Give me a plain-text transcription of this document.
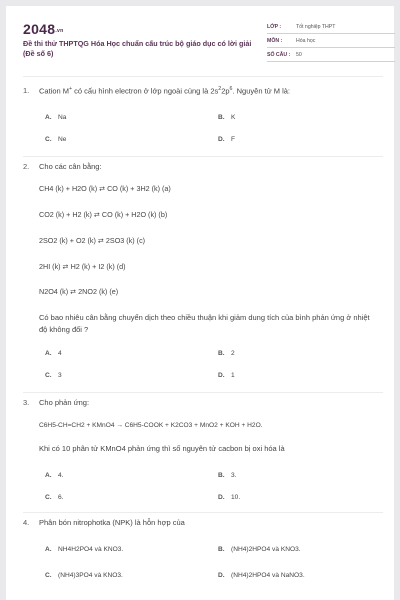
$2048_{.vn}$
Đề thi thử THPTQG Hóa Học chuẩn cấu trúc bộ giáo dục có lời giải (Đề số 6)
LỚP :	Tốt nghiệp THPT
MÔN :	Hóa học
SỐ CÂU : 50
1. Cation M+ có cấu hình electron ở lớp ngoài cùng là $2s^22p^6$. Nguyên tử M là:
A. Na	B. K
C. Ne	D. F
2. Cho các cân bằng:
CH4 (k) + H2O (k) ⇄ CO (k) + 3H2 (k) (a)
CO2 (k) + H2 (k) ⇄ CO (k) + H2O (k) (b)
2SO2 (k) + O2 (k) ⇄ 2SO3 (k) (c)
2HI (k) ⇄ H2 (k) + I2 (k) (d)
N2O4 (k) ⇄ 2NO2 (k) (e)
Có bao nhiêu cân bằng chuyển dịch theo chiều thuận khi giảm dung tích của bình phản ứng ở nhiệt độ không đổi ?
A. 4	B. 2
C. 3	D. 1
3. Cho phản ứng:
C6H5-CH=CH2 + KMnO4 → C6H5-COOK + K2CO3 + MnO2 + KOH + H2O.
Khi có 10 phân tử KMnO4 phản ứng thì số nguyên tử cacbon bị oxi hóa là
A. 4.	B. 3.
C. 6.	D. 10.
4. Phân bón nitrophotka (NPK) là hỗn hợp của
A. NH4H2PO4 và KNO3.	B. (NH4)2HPO4 và KNO3.
C. (NH4)3PO4 và KNO3.	D. (NH4)2HPO4 và NaNO3.
